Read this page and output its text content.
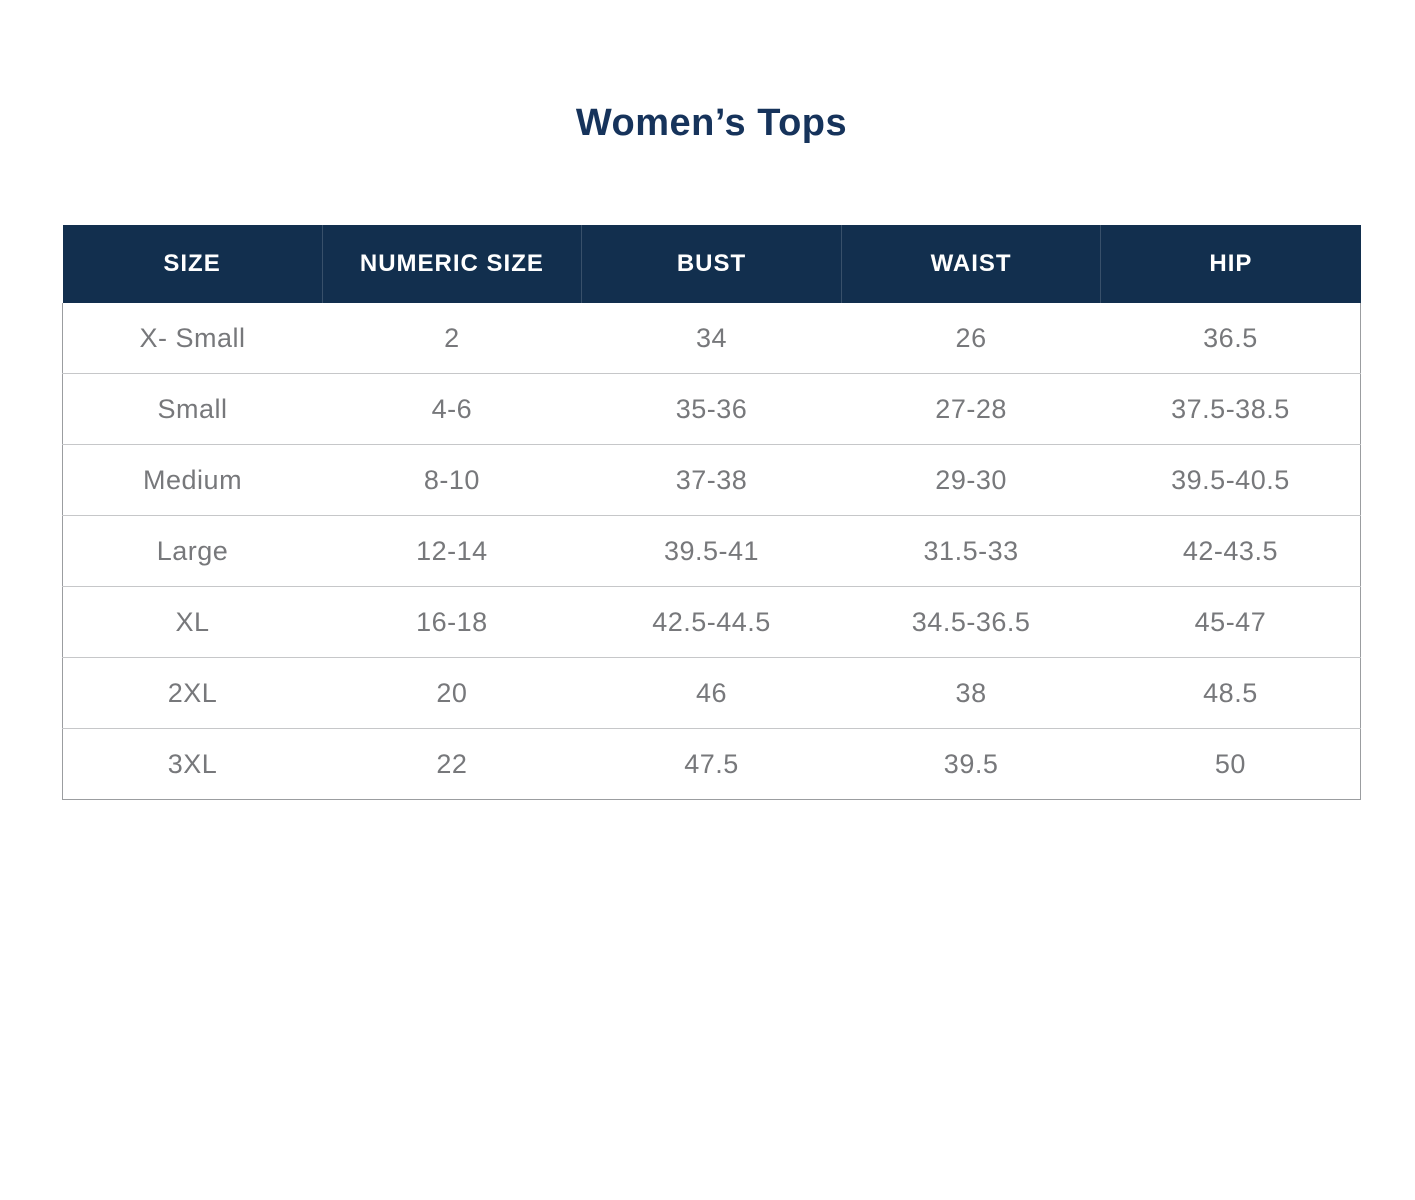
Women’s Tops
SIZE	NUMERIC SIZE	BUST	WAIST	HIP
X- Small	2	34	26	36.5
Small	4-6	35-36	27-28	37.5-38.5
Medium	8-10	37-38	29-30	39.5-40.5
Large	12-14	39.5-41	31.5-33	42-43.5
XL	16-18	42.5-44.5	34.5-36.5	45-47
2XL	20	46	38	48.5
3XL	22	47.5	39.5	50
